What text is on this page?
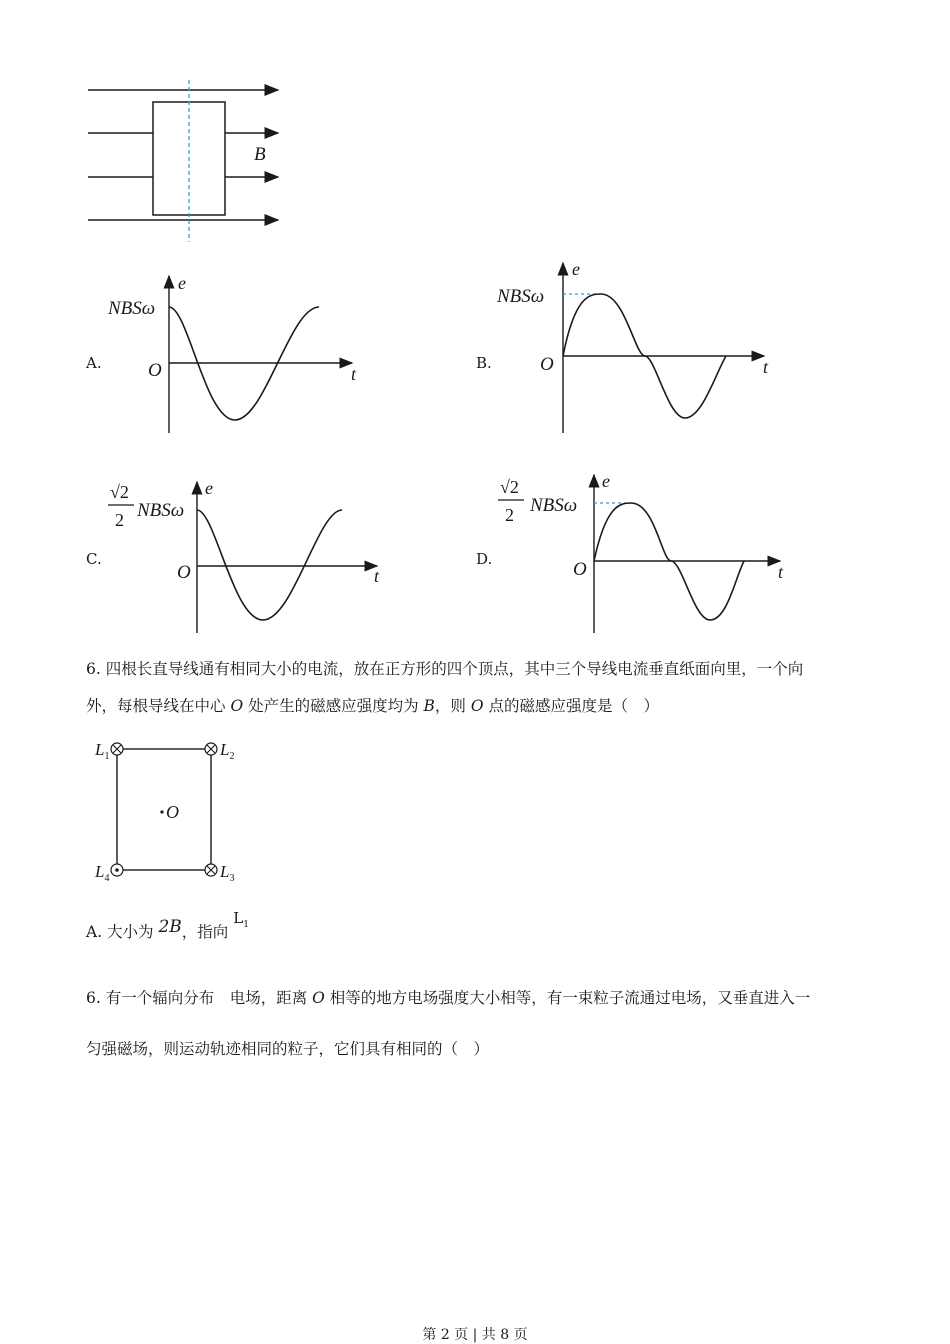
B
A.
NBSω
e
O	t
B.
NBSω
e
O	t
C.
√2
2 NBSω
e
O	t
D.
√2
2 NBSω
e
O	t
6. 四根长直导线通有相同大小的电流，放在正方形的四个顶点，其中三个导线电流垂直纸面向里，一个向
外，每根导线在中心 O 处产生的磁感应强度均为 B，则 O 点的磁感应强度是（　）
O
$L_1$	$L_2$
$L_3$
$L_4$
A. 大小为 2B，指向 $L_1$
6. 有一个辐向分布　电场，距离 O 相等的地方电场强度大小相等，有一束粒子流通过电场，又垂直进入一
匀强磁场，则运动轨迹相同的粒子，它们具有相同的（　）
第 2 页 | 共 8 页
